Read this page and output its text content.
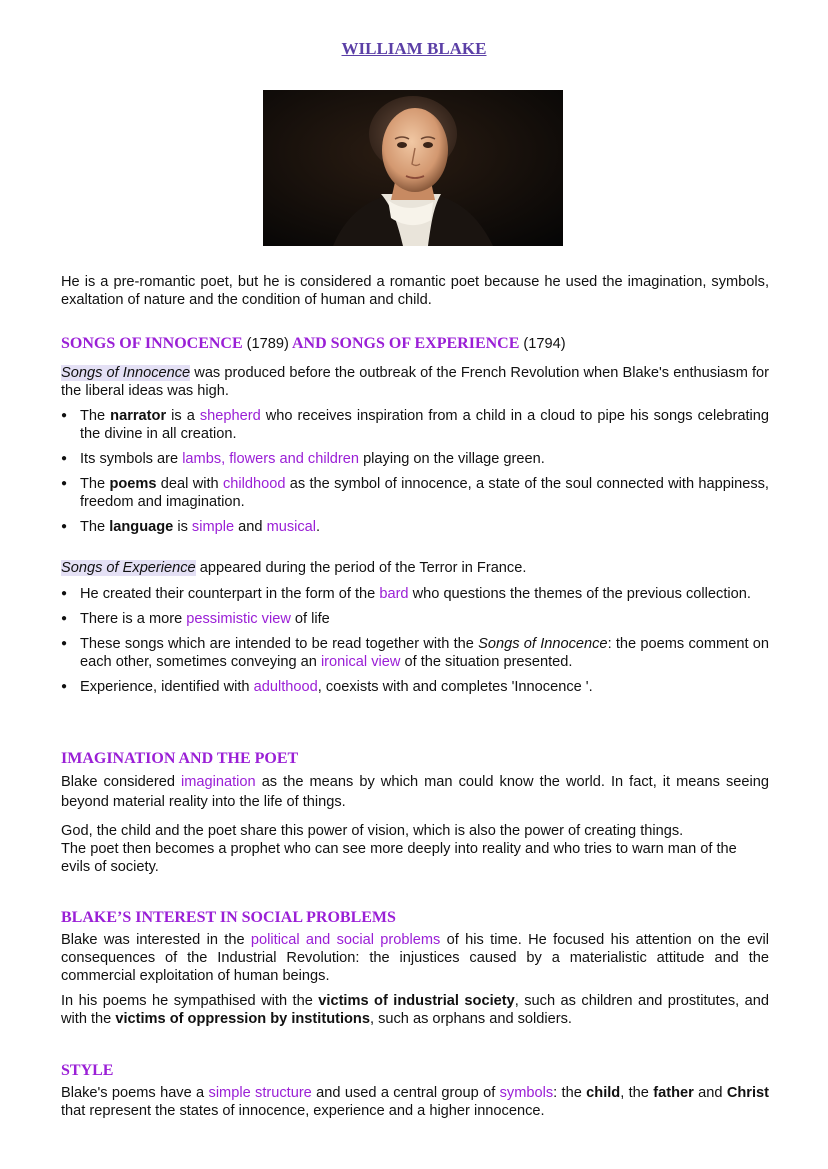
WILLIAM BLAKE

He is a pre-romantic poet, but he is considered a romantic poet because he used the imagination, symbols, exaltation of nature and the condition of human and child.

SONGS OF INNOCENCE (1789) AND SONGS OF EXPERIENCE (1794)

Songs of Innocence was produced before the outbreak of the French Revolution when Blake's enthusiasm for the liberal ideas was high.

● The narrator is a shepherd who receives inspiration from a child in a cloud to pipe his songs celebrating the divine in all creation.
● Its symbols are lambs, flowers and children playing on the village green.
● The poems deal with childhood as the symbol of innocence, a state of the soul connected with happiness, freedom and imagination.
● The language is simple and musical.

Songs of Experience appeared during the period of the Terror in France.

● He created their counterpart in the form of the bard who questions the themes of the previous collection.
● There is a more pessimistic view of life
● These songs which are intended to be read together with the Songs of Innocence: the poems comment on each other, sometimes conveying an ironical view of the situation presented.
● Experience, identified with adulthood, coexists with and completes 'Innocence '.
IMAGINATION AND THE POET

Blake considered imagination as the means by which man could know the world. In fact, it means seeing beyond material reality into the life of things.

God, the child and the poet share this power of vision, which is also the power of creating things.
The poet then becomes a prophet who can see more deeply into reality and who tries to warn man of the evils of society.

BLAKE’S INTEREST IN SOCIAL PROBLEMS

Blake was interested in the political and social problems of his time. He focused his attention on the evil consequences of the Industrial Revolution: the injustices caused by a materialistic attitude and the commercial exploitation of human beings.

In his poems he sympathised with the victims of industrial society, such as children and prostitutes, and with the victims of oppression by institutions, such as orphans and soldiers.

STYLE

Blake's poems have a simple structure and used a central group of symbols: the child, the father and Christ that represent the states of innocence, experience and a higher innocence.
